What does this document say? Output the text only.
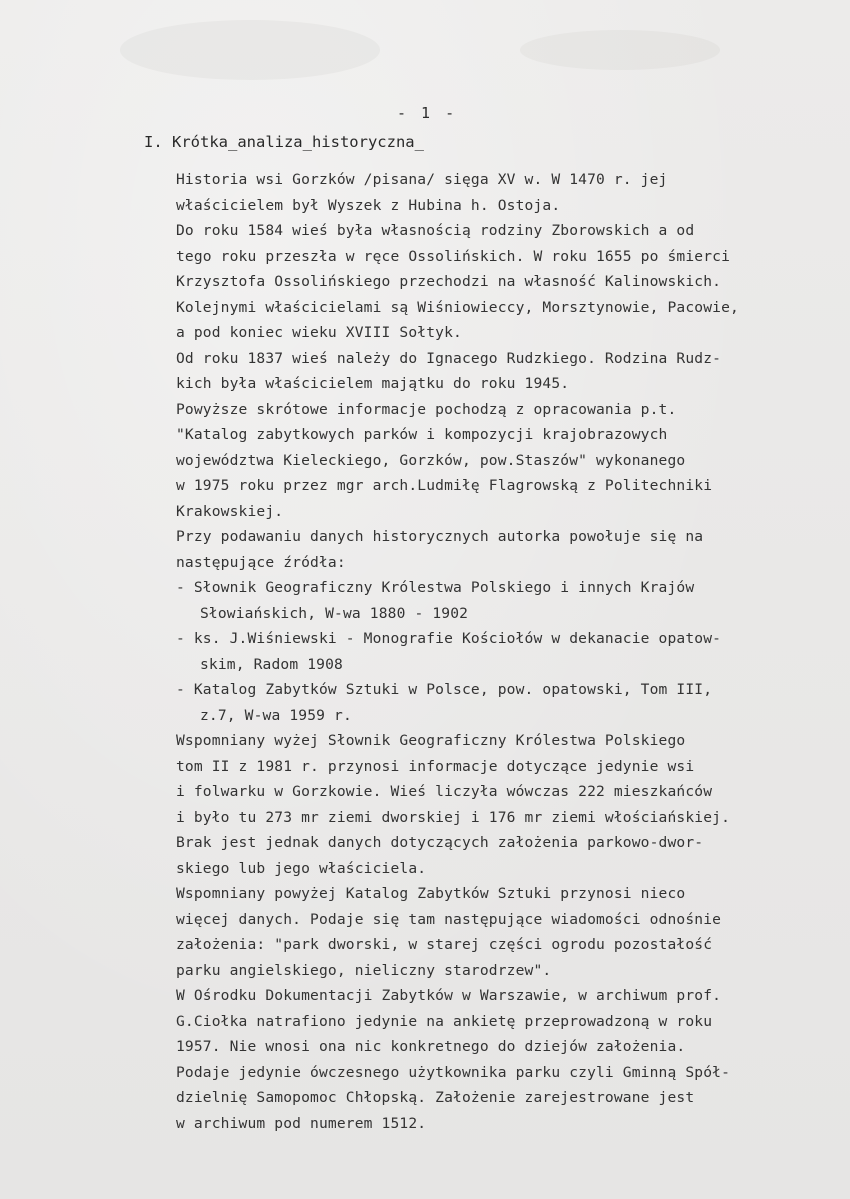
- 1 -
I. Krótka_analiza_historyczna_
Historia wsi Gorzków /pisana/ sięga XV w. W 1470 r. jej
właścicielem był Wyszek z Hubina h. Ostoja.
Do roku 1584 wieś była własnością rodziny Zborowskich a od
tego roku przeszła w ręce Ossolińskich. W roku 1655 po śmierci
Krzysztofa Ossolińskiego przechodzi na własność Kalinowskich.
Kolejnymi właścicielami są Wiśniowieccy, Morsztynowie, Pacowie,
a pod koniec wieku XVIII Sołtyk.
Od roku 1837 wieś należy do Ignacego Rudzkiego. Rodzina Rudz-
kich była właścicielem majątku do roku 1945.
Powyższe skrótowe informacje pochodzą z opracowania p.t.
"Katalog zabytkowych parków i kompozycji krajobrazowych
województwa Kieleckiego, Gorzków, pow.Staszów" wykonanego
w 1975 roku przez mgr arch.Ludmiłę Flagrowską z Politechniki
Krakowskiej.
Przy podawaniu danych historycznych autorka powołuje się na
następujące źródła:
- Słownik Geograficzny Królestwa Polskiego i innych Krajów
Słowiańskich, W-wa 1880 - 1902
- ks. J.Wiśniewski - Monografie Kościołów w dekanacie opatow-
skim, Radom 1908
- Katalog Zabytków Sztuki w Polsce, pow. opatowski, Tom III,
z.7, W-wa 1959 r.
Wspomniany wyżej Słownik Geograficzny Królestwa Polskiego
tom II z 1981 r. przynosi informacje dotyczące jedynie wsi
i folwarku w Gorzkowie. Wieś liczyła wówczas 222 mieszkańców
i było tu 273 mr ziemi dworskiej i 176 mr ziemi włościańskiej.
Brak jest jednak danych dotyczących założenia parkowo-dwor-
skiego lub jego właściciela.
Wspomniany powyżej Katalog Zabytków Sztuki przynosi nieco
więcej danych. Podaje się tam następujące wiadomości odnośnie
założenia: "park dworski, w starej części ogrodu pozostałość
parku angielskiego, nieliczny starodrzew".
W Ośrodku Dokumentacji Zabytków w Warszawie, w archiwum prof.
G.Ciołka natrafiono jedynie na ankietę przeprowadzoną w roku
1957. Nie wnosi ona nic konkretnego do dziejów założenia.
Podaje jedynie ówczesnego użytkownika parku czyli Gminną Spół-
dzielnię Samopomoc Chłopską. Założenie zarejestrowane jest
w archiwum pod numerem 1512.
